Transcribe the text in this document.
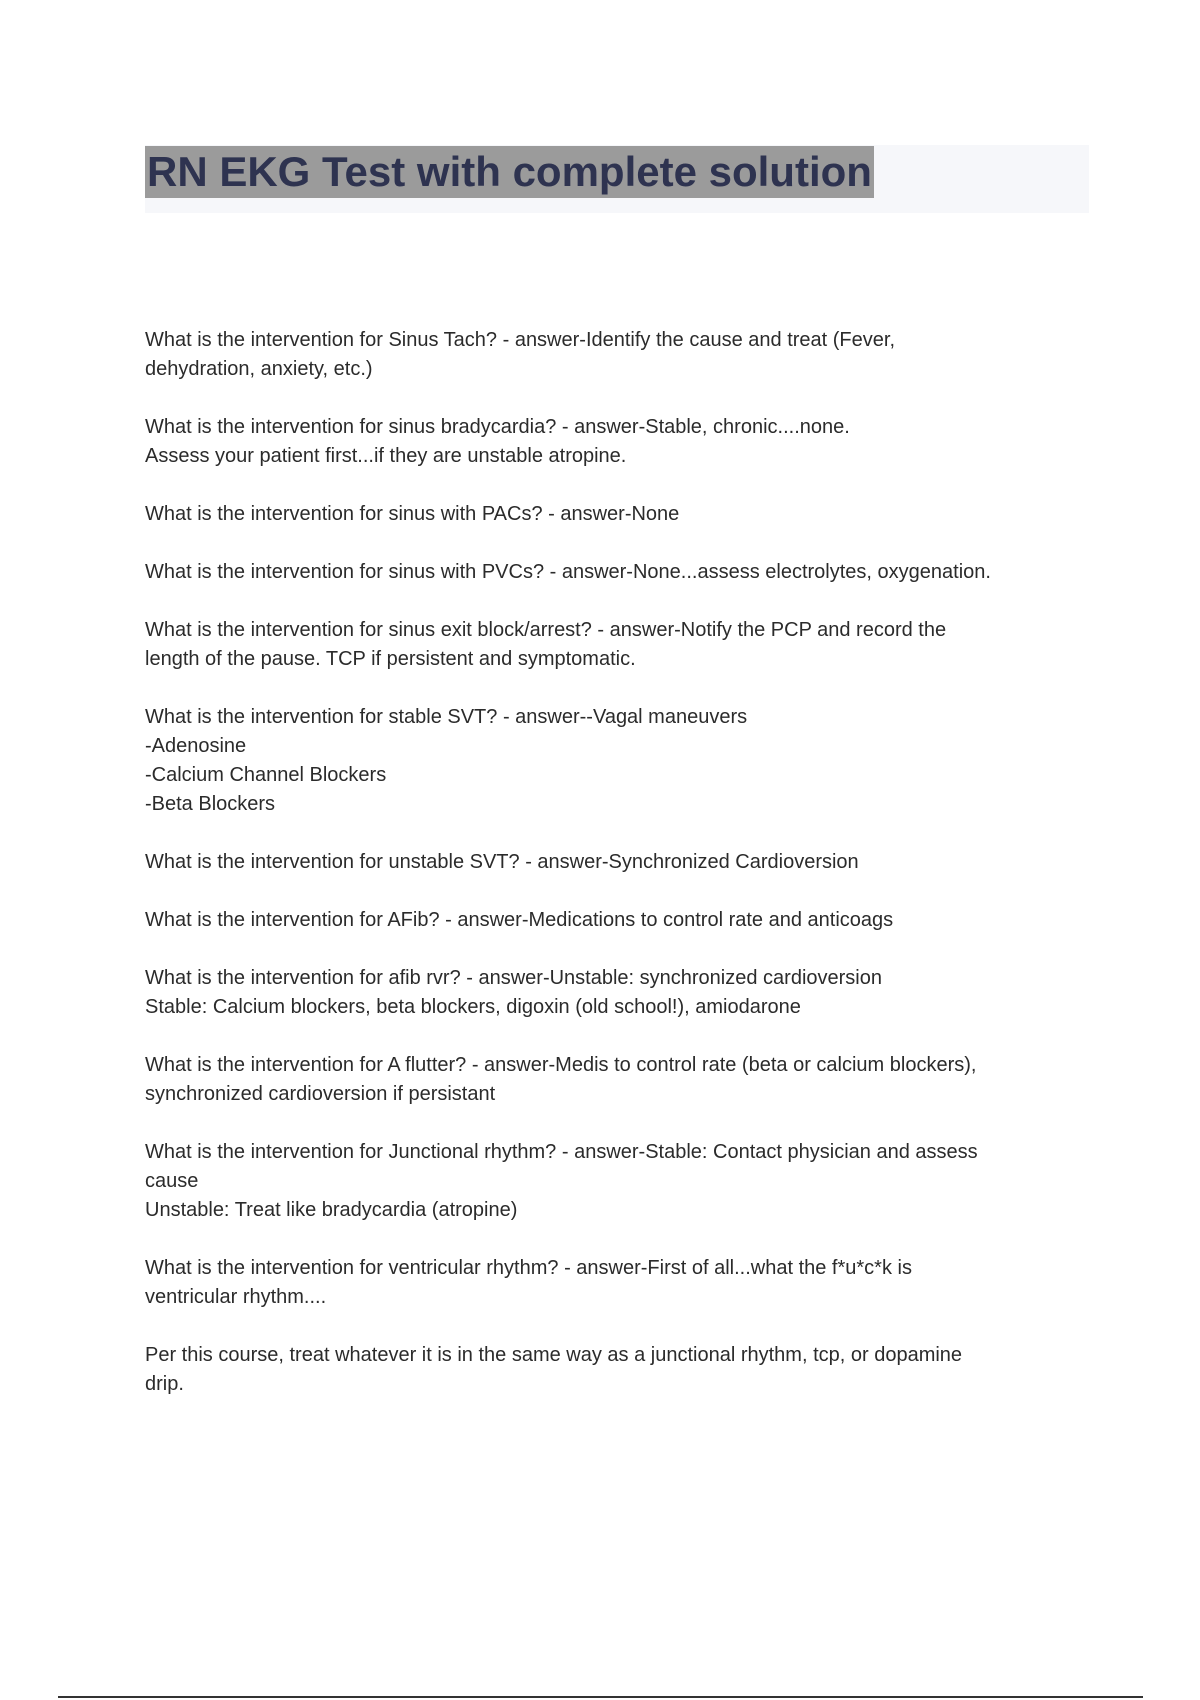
RN EKG Test with complete solution

What is the intervention for Sinus Tach? - answer-Identify the cause and treat (Fever,
dehydration, anxiety, etc.)

What is the intervention for sinus bradycardia? - answer-Stable, chronic....none.
Assess your patient first...if they are unstable atropine.

What is the intervention for sinus with PACs? - answer-None

What is the intervention for sinus with PVCs? - answer-None...assess electrolytes, oxygenation.

What is the intervention for sinus exit block/arrest? - answer-Notify the PCP and record the
length of the pause. TCP if persistent and symptomatic.

What is the intervention for stable SVT? - answer--Vagal maneuvers
-Adenosine
-Calcium Channel Blockers
-Beta Blockers

What is the intervention for unstable SVT? - answer-Synchronized Cardioversion

What is the intervention for AFib? - answer-Medications to control rate and anticoags

What is the intervention for afib rvr? - answer-Unstable: synchronized cardioversion
Stable: Calcium blockers, beta blockers, digoxin (old school!), amiodarone

What is the intervention for A flutter? - answer-Medis to control rate (beta or calcium blockers),
synchronized cardioversion if persistant

What is the intervention for Junctional rhythm? - answer-Stable: Contact physician and assess
cause
Unstable: Treat like bradycardia (atropine)

What is the intervention for ventricular rhythm? - answer-First of all...what the f*u*c*k is
ventricular rhythm....

Per this course, treat whatever it is in the same way as a junctional rhythm, tcp, or dopamine
drip.
